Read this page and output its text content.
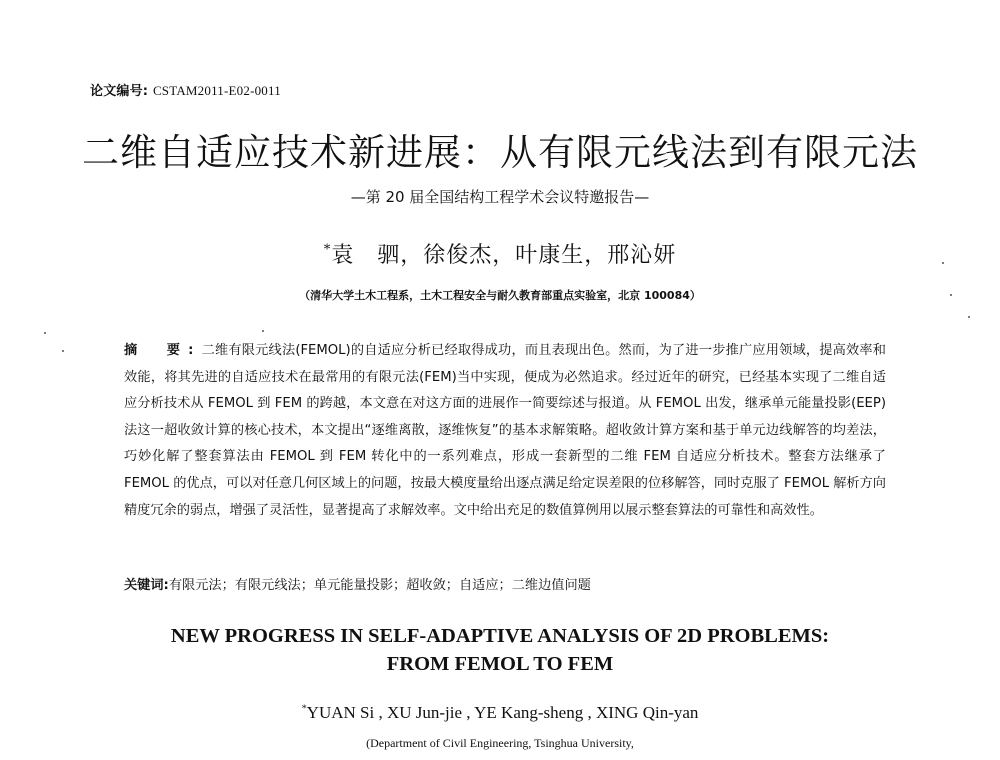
论文编号: CSTAM2011-E02-0011
二维自适应技术新进展：从有限元线法到有限元法
—第 20 届全国结构工程学术会议特邀报告—
*袁　驷，徐俊杰，叶康生，邢沁妍
（清华大学土木工程系，土木工程安全与耐久教育部重点实验室，北京 100084）
摘　要:二维有限元线法(FEMOL)的自适应分析已经取得成功，而且表现出色。然而，为了进一步推广应用领域，提高效率和效能，将其先进的自适应技术在最常用的有限元法(FEM)当中实现，便成为必然追求。经过近年的研究，已经基本实现了二维自适应分析技术从 FEMOL 到 FEM 的跨越，本文意在对这方面的进展作一简要综述与报道。从 FEMOL 出发，继承单元能量投影(EEP)法这一超收敛计算的核心技术，本文提出“逐维离散，逐维恢复”的基本求解策略。超收敛计算方案和基于单元边线解答的均差法，巧妙化解了整套算法由 FEMOL 到 FEM 转化中的一系列难点，形成一套新型的二维 FEM 自适应分析技术。整套方法继承了 FEMOL 的优点，可以对任意几何区域上的问题，按最大模度量给出逐点满足给定误差限的位移解答，同时克服了 FEMOL 解析方向精度冗余的弱点，增强了灵活性，显著提高了求解效率。文中给出充足的数值算例用以展示整套算法的可靠性和高效性。
关键词:有限元法；有限元线法；单元能量投影；超收敛；自适应；二维边值问题
NEW PROGRESS IN SELF-ADAPTIVE ANALYSIS OF 2D PROBLEMS:
FROM FEMOL TO FEM
*YUAN Si , XU Jun-jie , YE Kang-sheng , XING Qin-yan
(Department of Civil Engineering, Tsinghua University,
